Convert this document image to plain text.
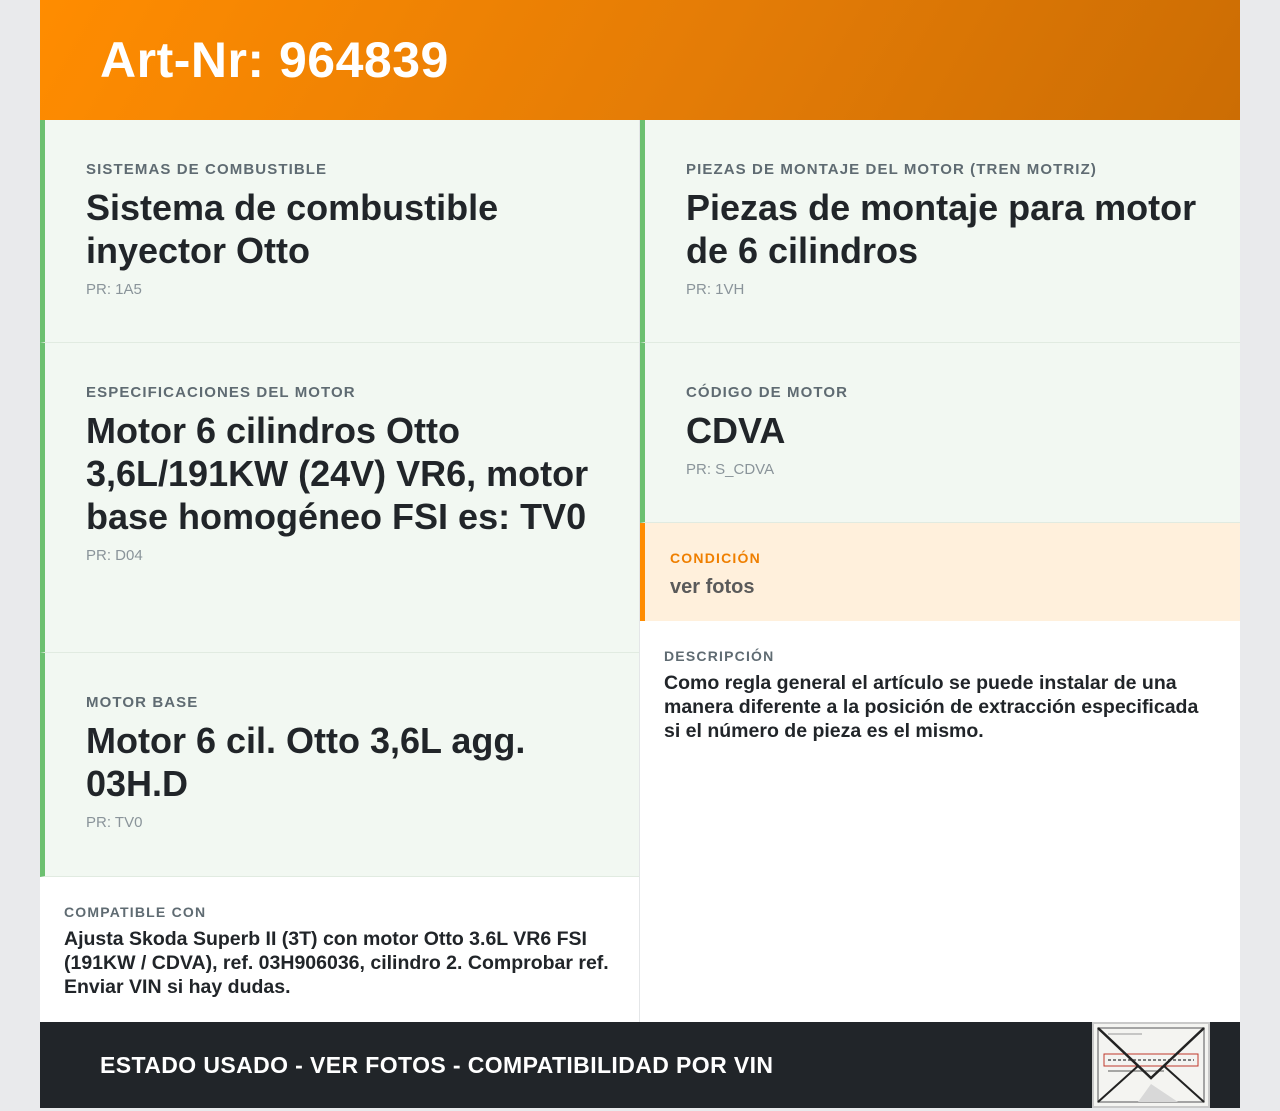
Art-Nr: 964839
SISTEMAS DE COMBUSTIBLE
Sistema de combustible inyector Otto
PR: 1A5
ESPECIFICACIONES DEL MOTOR
Motor 6 cilindros Otto 3,6L/191KW (24V) VR6, motor base homogéneo FSI es: TV0
PR: D04
MOTOR BASE
Motor 6 cil. Otto 3,6L agg. 03H.D
PR: TV0
COMPATIBLE CON
Ajusta Skoda Superb II (3T) con motor Otto 3.6L VR6 FSI (191KW / CDVA), ref. 03H906036, cilindro 2. Comprobar ref. Enviar VIN si hay dudas.
PIEZAS DE MONTAJE DEL MOTOR (TREN MOTRIZ)
Piezas de montaje para motor de 6 cilindros
PR: 1VH
CÓDIGO DE MOTOR
CDVA
PR: S_CDVA
CONDICIÓN
ver fotos
DESCRIPCIÓN
Como regla general el artículo se puede instalar de una manera diferente a la posición de extracción especificada si el número de pieza es el mismo.
ESTADO USADO - VER FOTOS - COMPATIBILIDAD POR VIN
